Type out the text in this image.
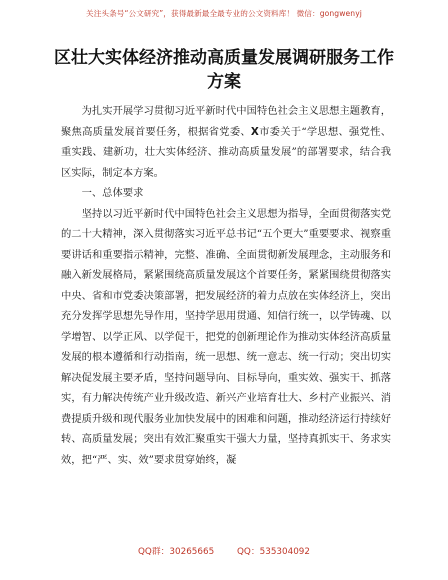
关注头条号“公文研究”，获得最新最全最专业的公文资料库！ 微信：gongwenyj
区壮大实体经济推动高质量发展调研服务工作
方案

为扎实开展学习贯彻习近平新时代中国特色社会主义思想主题教育，聚焦高质量发展首要任务，根据省党委、X市委关于“学思想、强党性、重实践、建新功，壮大实体经济、推动高质量发展”的部署要求，结合我区实际，制定本方案。

一、总体要求

坚持以习近平新时代中国特色社会主义思想为指导，全面贯彻落实党的二十大精神，深入贯彻落实习近平总书记“五个更大”重要要求、视察重要讲话和重要指示精神，完整、准确、全面贯彻新发展理念，主动服务和融入新发展格局，紧紧围绕高质量发展这个首要任务，紧紧围绕贯彻落实中央、省和市党委决策部署，把发展经济的着力点放在实体经济上，突出充分发挥学思想先导作用，坚持学思用贯通、知信行统一，以学铸魂、以学增智、以学正风、以学促干，把党的创新理论作为推动实体经济高质量发展的根本遵循和行动指南，统一思想、统一意志、统一行动；突出切实解决促发展主要矛盾，坚持问题导向、目标导向，重实效、强实干、抓落实，有力解决传统产业升级改造、新兴产业培育壮大、乡村产业振兴、消费提质升级和现代服务业加快发展中的困难和问题，推动经济运行持续好转、高质量发展；突出有效汇聚重实干强大力量，坚持真抓实干、务求实效，把“严、实、效”要求贯穿始终，凝

QQ群：30265665	QQ：535304092
